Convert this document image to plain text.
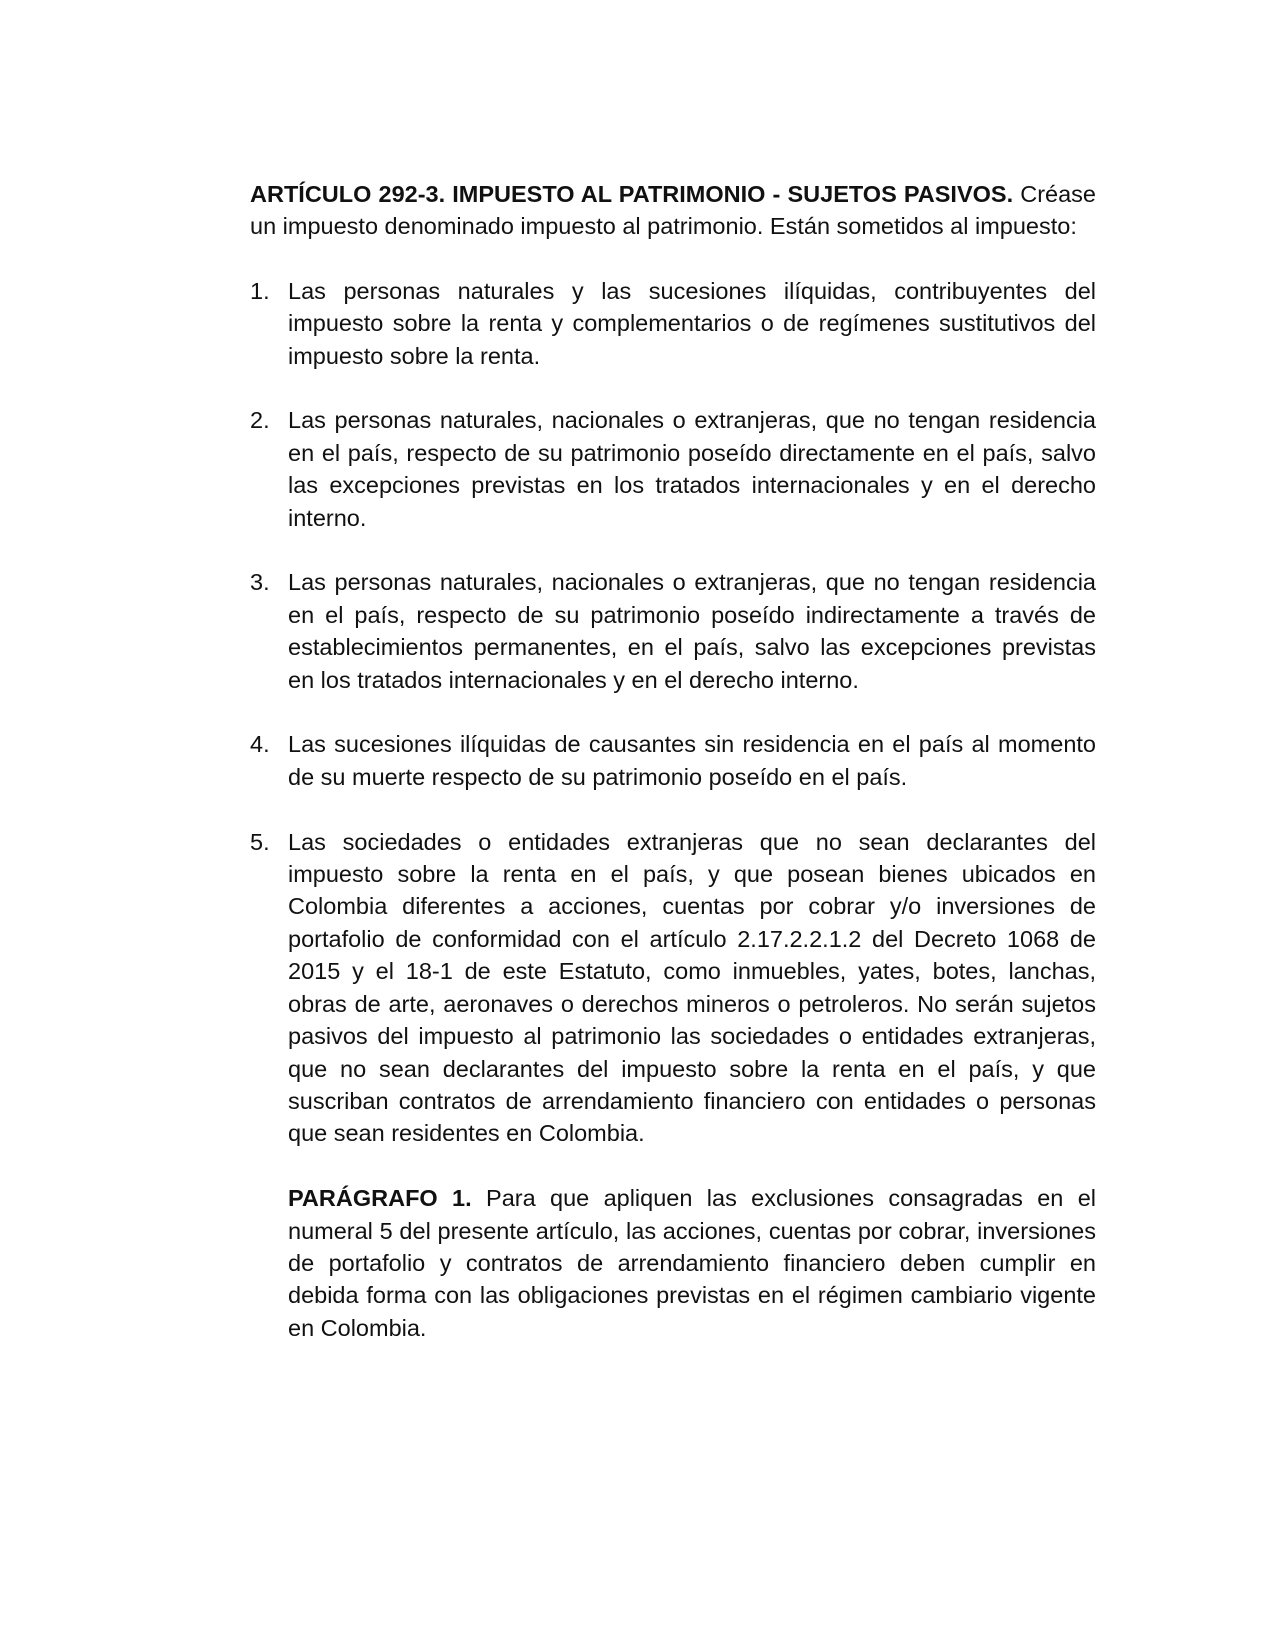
ARTÍCULO 292-3. IMPUESTO AL PATRIMONIO - SUJETOS PASIVOS. Créase un impuesto denominado impuesto al patrimonio. Están sometidos al impuesto:

1. Las personas naturales y las sucesiones ilíquidas, contribuyentes del impuesto sobre la renta y complementarios o de regímenes sustitutivos del impuesto sobre la renta.
2. Las personas naturales, nacionales o extranjeras, que no tengan residencia en el país, respecto de su patrimonio poseído directamente en el país, salvo las excepciones previstas en los tratados internacionales y en el derecho interno.
3. Las personas naturales, nacionales o extranjeras, que no tengan residencia en el país, respecto de su patrimonio poseído indirectamente a través de establecimientos permanentes, en el país, salvo las excepciones previstas en los tratados internacionales y en el derecho interno.
4. Las sucesiones ilíquidas de causantes sin residencia en el país al momento de su muerte respecto de su patrimonio poseído en el país.
5. Las sociedades o entidades extranjeras que no sean declarantes del impuesto sobre la renta en el país, y que posean bienes ubicados en Colombia diferentes a acciones, cuentas por cobrar y/o inversiones de portafolio de conformidad con el artículo 2.17.2.2.1.2 del Decreto 1068 de 2015 y el 18-1 de este Estatuto, como inmuebles, yates, botes, lanchas, obras de arte, aeronaves o derechos mineros o petroleros. No serán sujetos pasivos del impuesto al patrimonio las sociedades o entidades extranjeras, que no sean declarantes del impuesto sobre la renta en el país, y que suscriban contratos de arrendamiento financiero con entidades o personas que sean residentes en Colombia.

PARÁGRAFO 1. Para que apliquen las exclusiones consagradas en el numeral 5 del presente artículo, las acciones, cuentas por cobrar, inversiones de portafolio y contratos de arrendamiento financiero deben cumplir en debida forma con las obligaciones previstas en el régimen cambiario vigente en Colombia.
